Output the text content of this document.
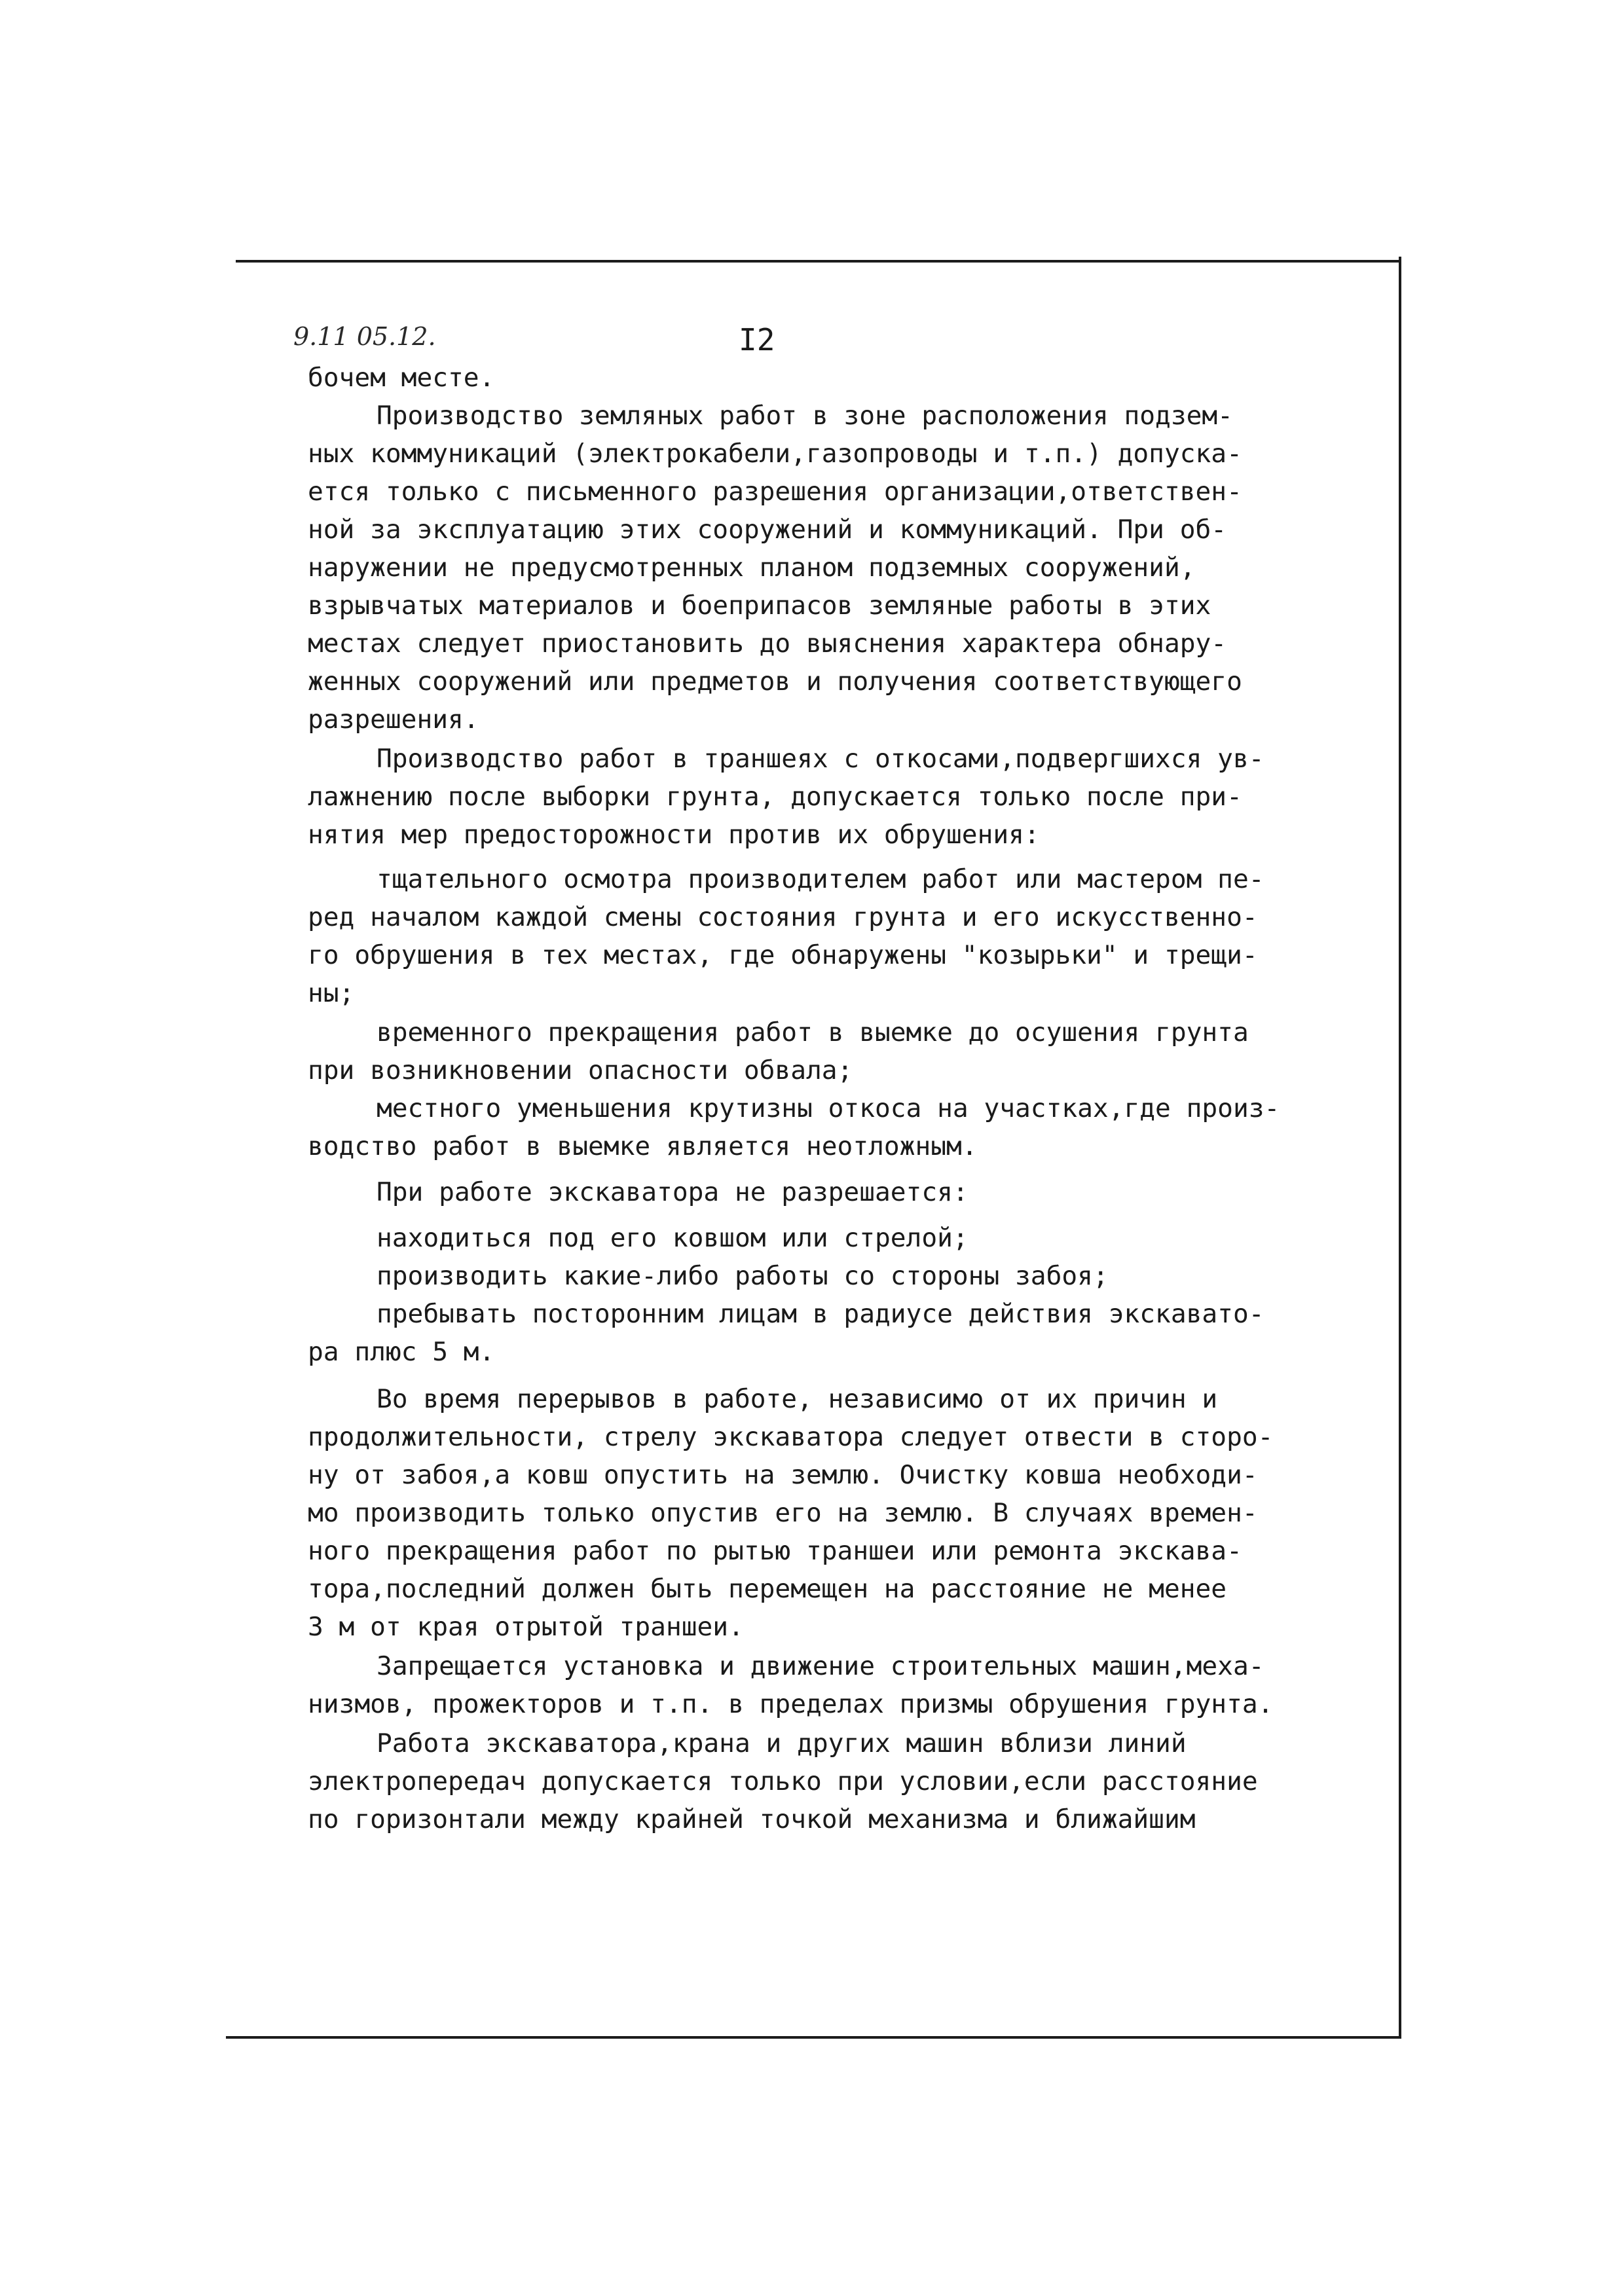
9.11 05.12.	I2
бочем месте.
Производство земляных работ в зоне расположения подзем-
ных коммуникаций (электрокабели,газопроводы и т.п.) допуска-
ется только с письменного разрешения организации,ответствен-
ной за эксплуатацию этих сооружений и коммуникаций. При об-
наружении не предусмотренных планом подземных сооружений,
взрывчатых материалов и боеприпасов земляные работы в этих
местах следует приостановить до выяснения характера обнару-
женных сооружений или предметов и получения соответствующего
разрешения.
Производство работ в траншеях с откосами,подвергшихся ув-
лажнению после выборки грунта, допускается только после при-
нятия мер предосторожности против их обрушения:
тщательного осмотра производителем работ или мастером пе-
ред началом каждой смены состояния грунта и его искусственно-
го обрушения в тех местах, где обнаружены "козырьки" и трещи-
ны;
временного прекращения работ в выемке до осушения грунта
при возникновении опасности обвала;
местного уменьшения крутизны откоса на участках,где произ-
водство работ в выемке является неотложным.
При работе экскаватора не разрешается:
находиться под его ковшом или стрелой;
производить какие-либо работы со стороны забоя;
пребывать посторонним лицам в радиусе действия экскавато-
ра плюс 5 м.
Во время перерывов в работе, независимо от их причин и
продолжительности, стрелу экскаватора следует отвести в сторо-
ну от забоя,а ковш опустить на землю. Очистку ковша необходи-
мо производить только опустив его на землю. В случаях времен-
ного прекращения работ по рытью траншеи или ремонта экскава-
тора,последний должен быть перемещен на расстояние не менее
3 м от края отрытой траншеи.
Запрещается установка и движение строительных машин,меха-
низмов, прожекторов и т.п. в пределах призмы обрушения грунта.
Работа экскаватора,крана и других машин вблизи линий
электропередач допускается только при условии,если расстояние
по горизонтали между крайней точкой механизма и ближайшим
